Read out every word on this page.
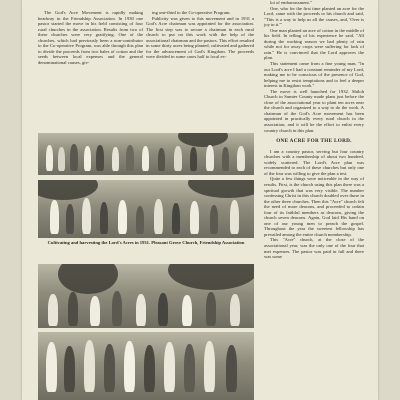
The God's Acre Movement is rapidly making headway in the Friendship Association. In 1930 one pastor started the move in his field consisting of four rural churches in the association. Results from two of these churches were very gratifying. One of the churches, which had previously been a non-contributor to the Co-operative Program, was able through this plan to divide the proceeds from two bales of cotton and the seeds between local expenses and the general denominational causes, giv-

ing one-third to the Co-operative Program.

Publicity was given to this movement and in 1931 a God's Acre chairman was appointed for the association. The first step was to secure a chairman in each rural church to put on this work with the help of the associational chairman and the pastors. This effort resulted in some thirty acres being planted, cultivated and gathered for the advancement of God's Kingdom. The proceeds were divided in some cases half to local ex-

Cultivating and harvesting the Lord's Acres in 1931. Pleasant Grove Church, Friendship Association

lot of embarrassment."

One, who for the first time planted an acre for the Lord, came with the proceeds to his church and said, "This is a way to help us all the causes, and, 'Over is joy in it.'"

One man planted an acre of cotton in the middle of his field. In telling of his experience he said, "All during the working season we had plenty of rain while not for away crops were suffering for lack of rain." He is convinced that the Lord approves the plan.

This statement came from a fine young man, "In our Lord's acre I had a constant reminder of my Lord, making me to be conscious of the presence of God, helping me to resist temptations and to feel a deeper interest in Kingdom work."

The move is well launched for 1932. Shiloh Church in Sumter County made plans just before the close of the associational year to plant ten acres near the church and organized to a way to do the work. A chairman of the God's Acre movement has been appointed in practically every rural church in the association, and it will be the effort to enlist every country church in this plan.

ONE ACRE FOR THE LORD.

I am a country pastor, serving but four country churches with a membership of about two hundred, widely scattered. The Lord's Acre plan was recommended to each of these churches but only one of the four was willing to give the plan a test.

Quite a few things were noticeable in the way of results. First, is the church using this plan there was a spiritual growth that was very visible. The number confessing Christ in this church doubled over those in the other three churches. Then this "Acre" church felt the need of more deacons, and proceeded to ordain four of its faithful members as deacons, giving the church seven deacons. Again, God laid His hand on one of our young men to preach the gospel. Throughout the year the sweetest fellowship has prevailed among the entire church membership.

This "Acre" church, at the close of the associational year, was the only one of the four that met expenses. The pastor was paid in full and there was some
